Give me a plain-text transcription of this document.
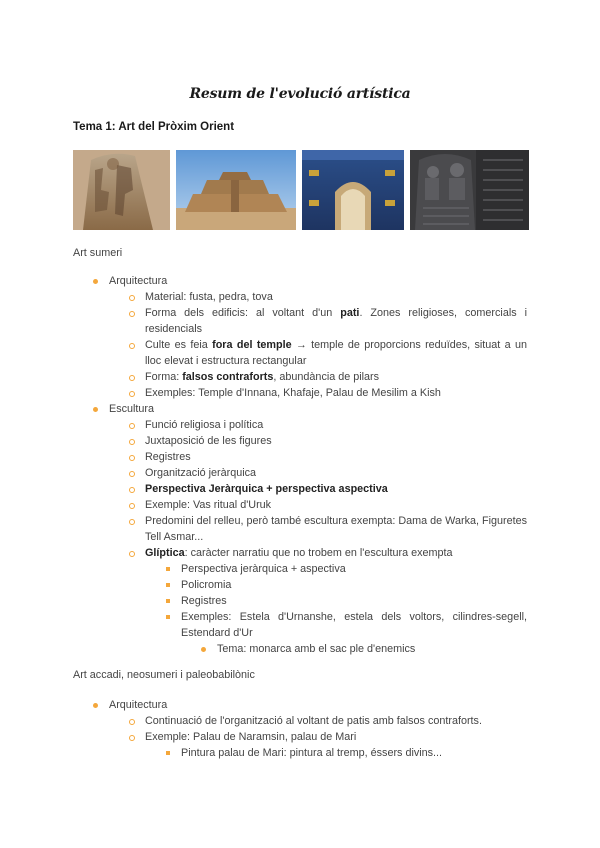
Resum de l'evolució artística
Tema 1: Art del Pròxim Orient
Art sumeri
Arquitectura
Material: fusta, pedra, tova
Forma dels edificis: al voltant d'un pati. Zones religioses, comercials i residencials
Culte es feia fora del temple → temple de proporcions reduïdes, situat a un lloc elevat i estructura rectangular
Forma: falsos contraforts, abundància de pilars
Exemples: Temple d'Innana, Khafaje, Palau de Mesilim a Kish
Escultura
Funció religiosa i política
Juxtaposició de les figures
Registres
Organització jeràrquica
Perspectiva Jeràrquica + perspectiva aspectiva
Exemple: Vas ritual d'Uruk
Predomini del relleu, però també escultura exempta: Dama de Warka, Figuretes Tell Asmar...
Glíptica: caràcter narratiu que no trobem en l'escultura exempta
Perspectiva jeràrquica + aspectiva
Policromia
Registres
Exemples: Estela d'Urnanshe, estela dels voltors, cilindres-segell, Estendard d'Ur
Tema: monarca amb el sac ple d'enemics
Art accadi, neosumeri i paleobabilònic
Arquitectura
Continuació de l'organització al voltant de patis amb falsos contraforts.
Exemple: Palau de Naramsin, palau de Mari
Pintura palau de Mari: pintura al tremp, éssers divins...
